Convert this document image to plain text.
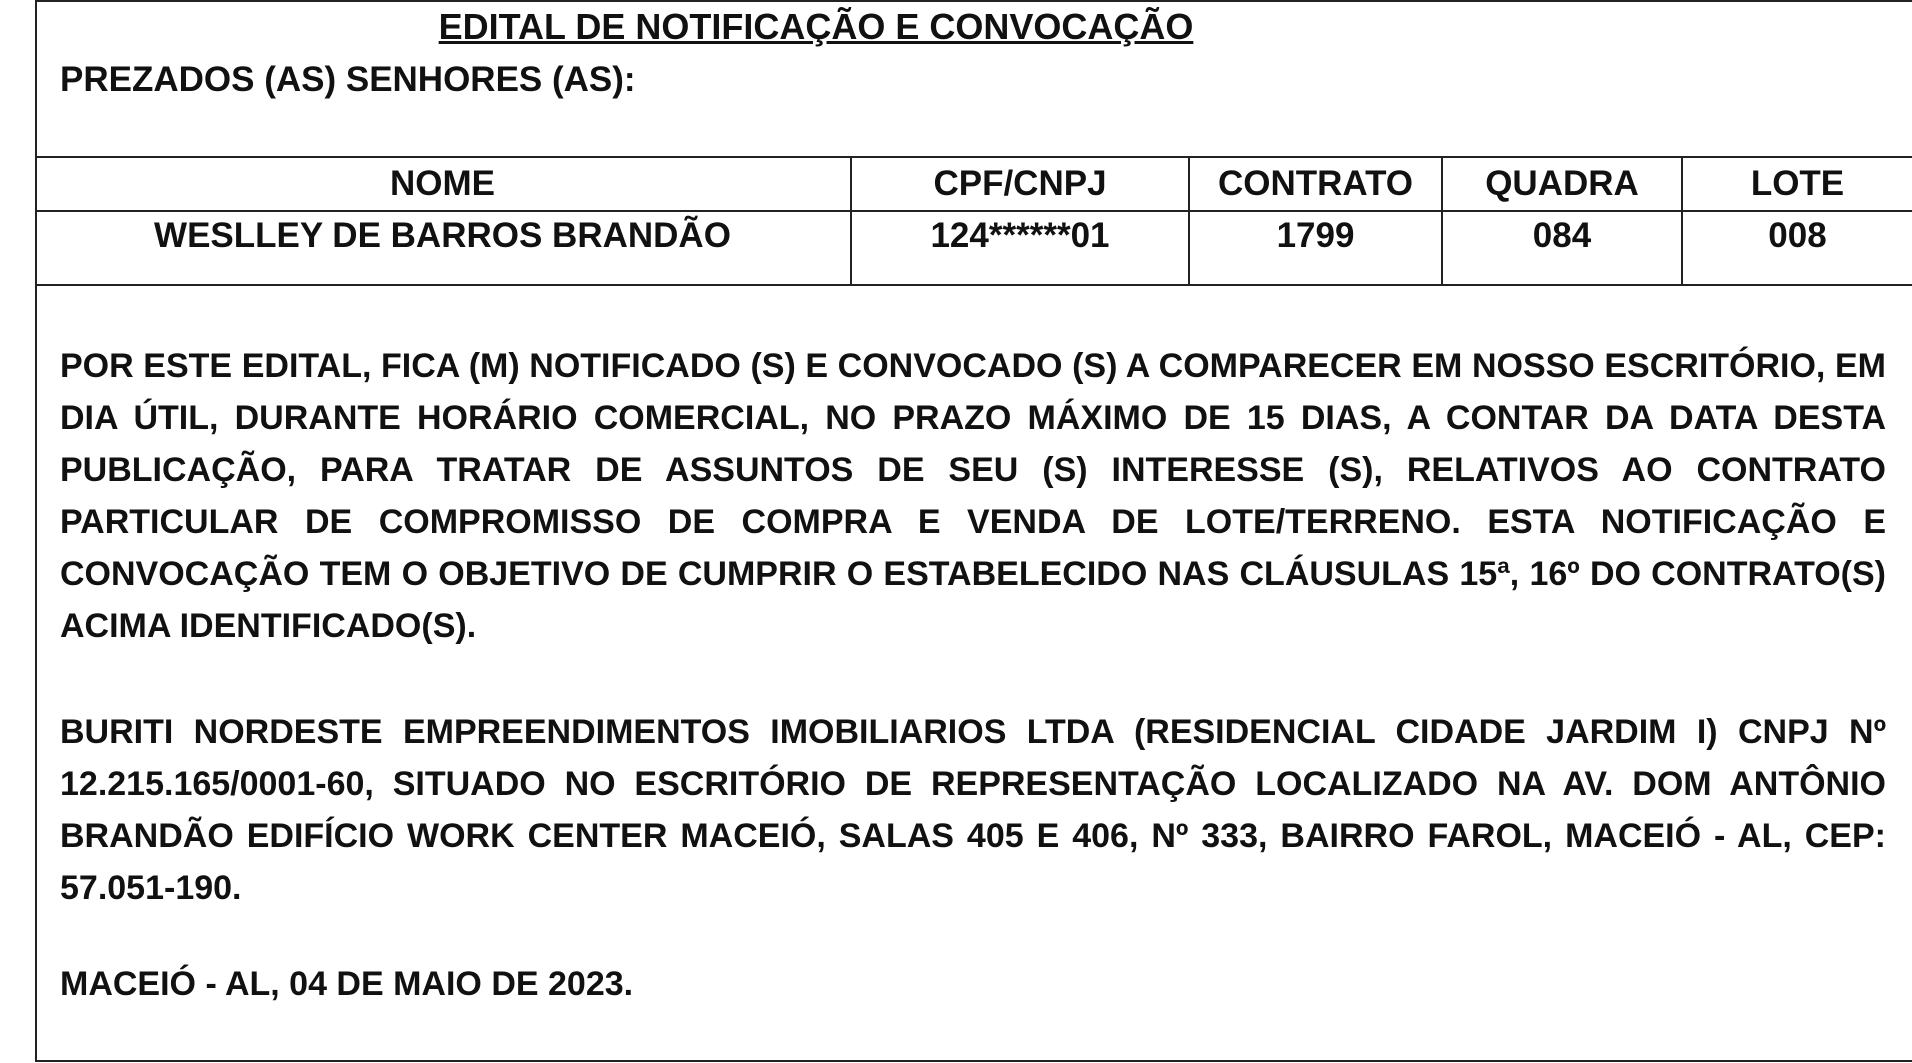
EDITAL DE NOTIFICAÇÃO E CONVOCAÇÃO
PREZADOS (AS) SENHORES (AS):
NOME	CPF/CNPJ	CONTRATO	QUADRA	LOTE
WESLLEY DE BARROS BRANDÃO	124******01	1799	084	008
POR ESTE EDITAL, FICA (M) NOTIFICADO (S) E CONVOCADO (S) A COMPARECER EM NOSSO ESCRITÓRIO, EM DIA ÚTIL, DURANTE HORÁRIO COMERCIAL, NO PRAZO MÁXIMO DE 15 DIAS, A CONTAR DA DATA DESTA PUBLICAÇÃO, PARA TRATAR DE ASSUNTOS DE SEU (S) INTERESSE (S), RELATIVOS AO CONTRATO PARTICULAR DE COMPROMISSO DE COMPRA E VENDA DE LOTE/TERRENO. ESTA NOTIFICAÇÃO E CONVOCAÇÃO TEM O OBJETIVO DE CUMPRIR O ESTABELECIDO NAS CLÁUSULAS 15ª, 16º DO CONTRATO(S) ACIMA IDENTIFICADO(S).
BURITI NORDESTE EMPREENDIMENTOS IMOBILIARIOS LTDA (RESIDENCIAL CIDADE JARDIM I) CNPJ Nº 12.215.165/0001-60, SITUADO NO ESCRITÓRIO DE REPRESENTAÇÃO LOCALIZADO NA AV. DOM ANTÔNIO BRANDÃO EDIFÍCIO WORK CENTER MACEIÓ, SALAS 405 E 406, Nº 333, BAIRRO FAROL, MACEIÓ - AL, CEP: 57.051-190.
MACEIÓ - AL, 04 DE MAIO DE 2023.
